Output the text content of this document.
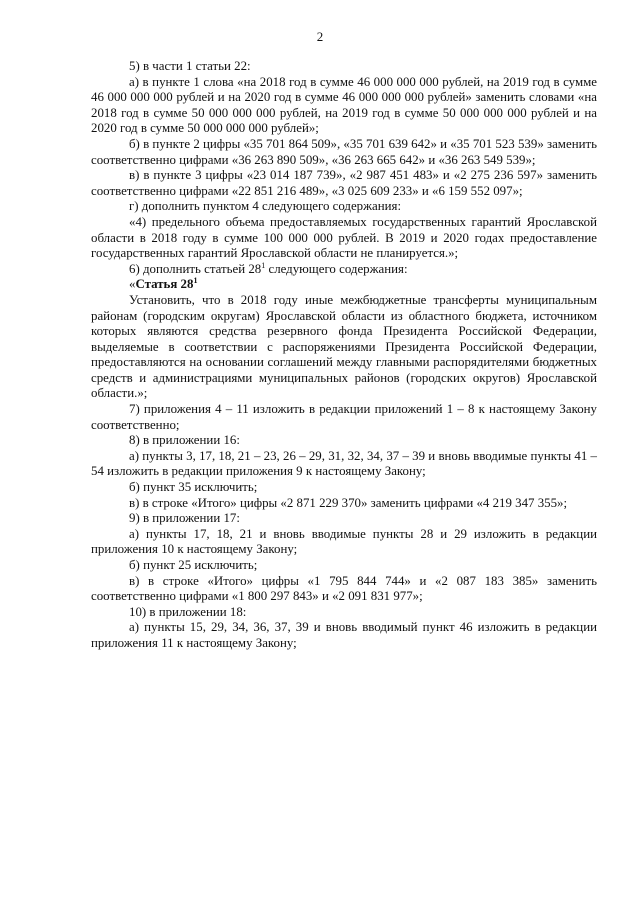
2

5) в части 1 статьи 22:

а) в пункте 1 слова «на 2018 год в сумме 46 000 000 000 рублей, на 2019 год в сумме 46 000 000 000 рублей и на 2020 год в сумме 46 000 000 000 рублей» заменить словами «на 2018 год в сумме 50 000 000 000 рублей, на 2019 год в сумме 50 000 000 000 рублей и на 2020 год в сумме 50 000 000 000 рублей»;

б) в пункте 2 цифры «35 701 864 509», «35 701 639 642» и «35 701 523 539» заменить соответственно цифрами «36 263 890 509», «36 263 665 642» и «36 263 549 539»;

в) в пункте 3 цифры «23 014 187 739», «2 987 451 483» и «2 275 236 597» заменить соответственно цифрами «22 851 216 489», «3 025 609 233» и «6 159 552 097»;

г) дополнить пунктом 4 следующего содержания:

«4) предельного объема предоставляемых государственных гарантий Ярославской области в 2018 году в сумме 100 000 000 рублей. В 2019 и 2020 годах предоставление государственных гарантий Ярославской области не планируется.»;

6) дополнить статьей $28^1$ следующего содержания:

«Статья $28^1$

Установить, что в 2018 году иные межбюджетные трансферты муниципальным районам (городским округам) Ярославской области из областного бюджета, источником которых являются средства резервного фонда Президента Российской Федерации, выделяемые в соответствии с распоряжениями Президента Российской Федерации, предоставляются на основании соглашений между главными распорядителями бюджетных средств и администрациями муниципальных районов (городских округов) Ярославской области.»;

7) приложения 4 – 11 изложить в редакции приложений 1 – 8 к настоящему Закону соответственно;

8) в приложении 16:

а) пункты 3, 17, 18, 21 – 23, 26 – 29, 31, 32, 34, 37 – 39 и вновь вводимые пункты 41 – 54 изложить в редакции приложения 9 к настоящему Закону;

б) пункт 35 исключить;

в) в строке «Итого» цифры «2 871 229 370» заменить цифрами «4 219 347 355»;

9) в приложении 17:

а) пункты 17, 18, 21 и вновь вводимые пункты 28 и 29 изложить в редакции приложения 10 к настоящему Закону;

б) пункт 25 исключить;

в) в строке «Итого» цифры «1 795 844 744» и «2 087 183 385» заменить соответственно цифрами «1 800 297 843» и «2 091 831 977»;

10) в приложении 18:

а) пункты 15, 29, 34, 36, 37, 39 и вновь вводимый пункт 46 изложить в редакции приложения 11 к настоящему Закону;
